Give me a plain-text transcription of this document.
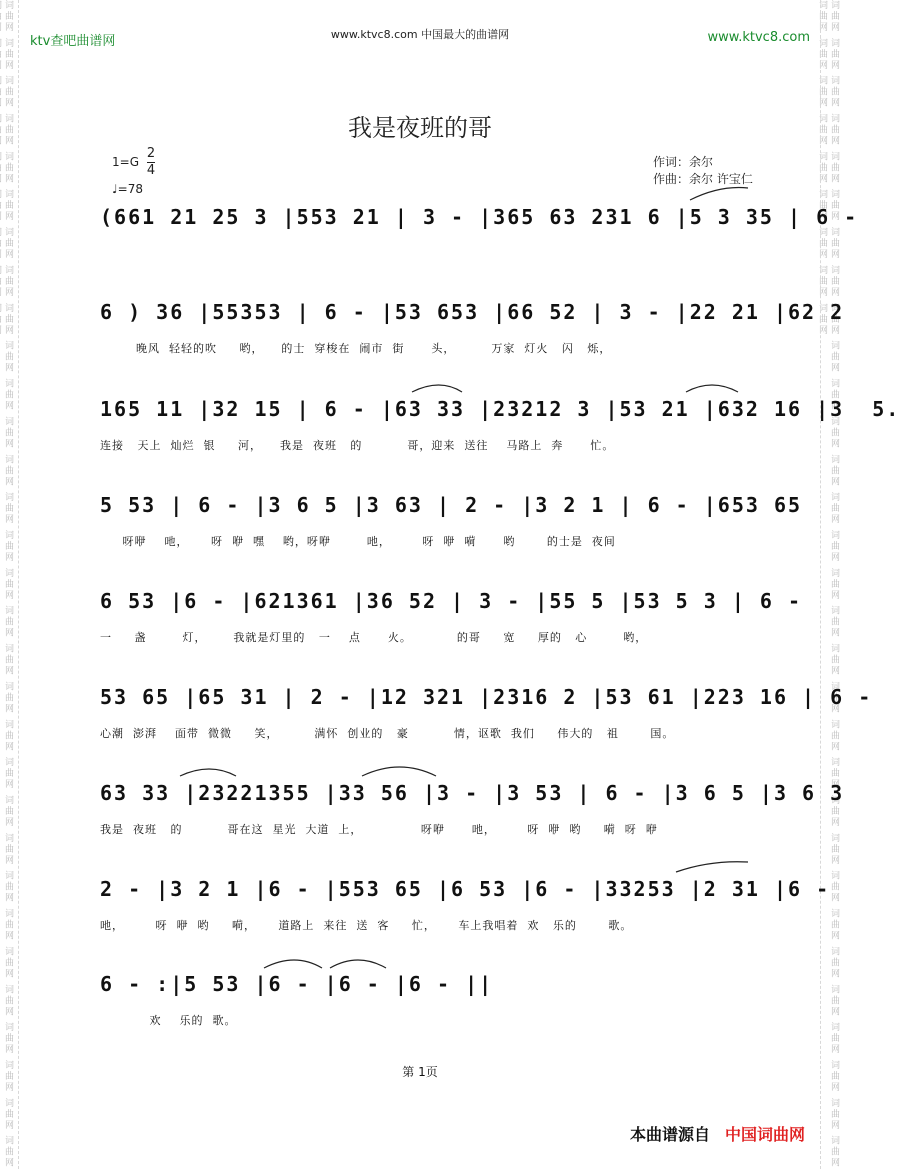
词曲网 词曲网 词曲网 词曲网 词曲网 词曲网 词曲网 词曲网 词曲网 词曲网 词曲网 词曲网 词曲网 词曲网 词曲网 词曲网 词曲网 词曲网 词曲网 词曲网 词曲网 词曲网 词曲网 词曲网 词曲网 词曲网 词曲网 词曲网 词曲网 词曲网 词曲网	词曲网 词曲网 词曲网 词曲网 词曲网 词曲网 词曲网 词曲网 词曲网 词曲网 词曲网 词曲网 词曲网 词曲网 词曲网 词曲网 词曲网 词曲网 词曲网 词曲网 词曲网 词曲网 词曲网 词曲网 词曲网 词曲网 词曲网 词曲网 词曲网 词曲网 词曲网 词曲网 词曲网 词曲网 词曲网 词曲网 词曲网 词曲网 词曲网 词曲网
ktv查吧曲谱网	www.ktvc8.com 中国最大的曲谱网	www.ktvc8.com
我是夜班的哥
$1=G \frac{2}{4}$
♩=78
作词：余尔
作曲：余尔 许宝仁
(661 21 25 3 |553 21 | 3 - |365 63 231 6 |5 3 35 | 6 -
6 ) 36 |55353 | 6 - |53 653 |66 52 | 3 - |22 21 |62 2
晚风  轻轻的吹     哟，    的士  穿梭在  闹市  街      头，        万家  灯火   闪   烁，
165 11 |32 15 | 6 - |63 33 |23212 3 |53 21 |632 16 |3  5.
连接   天上  灿烂  银     河，    我是  夜班   的          哥，迎来  送往    马路上  奔      忙。
5 53 | 6 - |3 6 5 |3 63 | 2 - |3 2 1 | 6 - |653 65
呀咿    吔，     呀  咿  嘿    哟，呀咿        吔，       呀  咿  嗬      哟       的士是  夜间
6 53 |6 - |621361 |36 52 | 3 - |55 5 |53 5 3 | 6 -
一     盏        灯，      我就是灯里的   一    点      火。          的哥     宽     厚的   心        哟，
53 65 |65 31 | 2 - |12 321 |2316 2 |53 61 |223 16 | 6 -
心潮  澎湃    面带  微微     笑，        满怀  创业的   豪          情，讴歌  我们     伟大的   祖       国。
63 33 |23221355 |33 56 |3 - |3 53 | 6 - |3 6 5 |3 6 3
我是  夜班   的          哥在这  星光  大道  上，             呀咿      吔，       呀  咿  哟     嗬  呀  咿
2 - |3 2 1 |6 - |553 65 |6 53 |6 - |33253 |2 31 |6 -
吔，       呀  咿  哟     嗬，     道路上  来往  送  客     忙，     车上我唱着  欢   乐的       歌。
6 - :|5 53 |6 - |6 - |6 - ||
欢    乐的  歌。
第 1页
本曲谱源自 中国词曲网
